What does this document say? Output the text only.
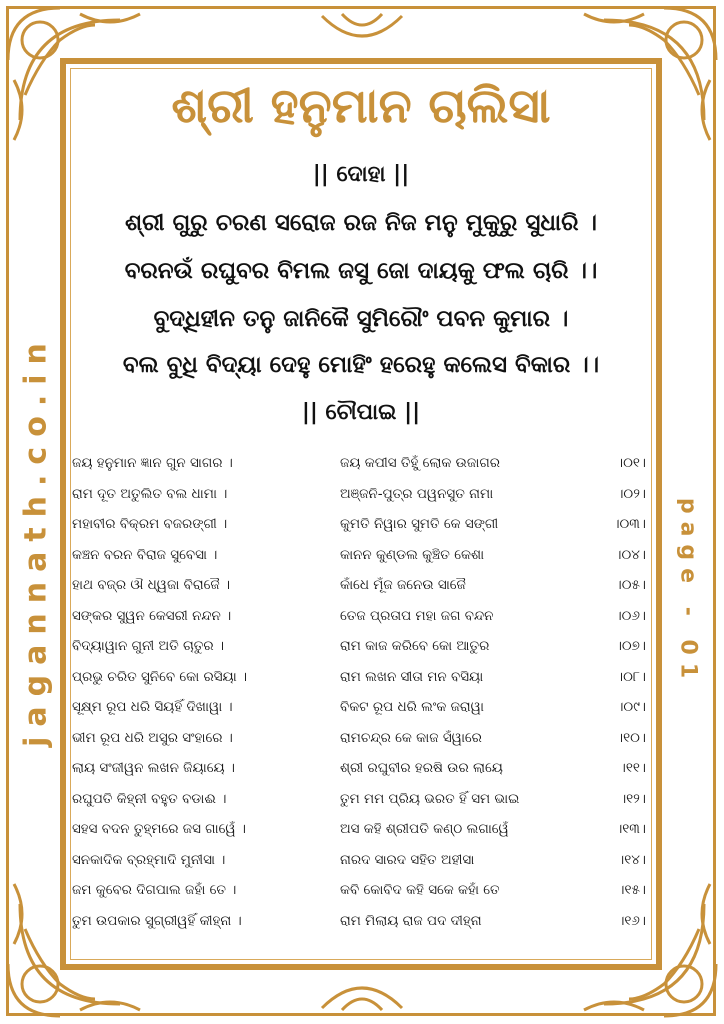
jagannath.co.in	page - 01
ଶ୍ରୀ ହନୁମାନ ଚାଲିସା
|| ଦୋହା ||
ଶ୍ରୀ ଗୁରୁ ଚରଣ ସରୋଜ ରଜ ନିଜ ମନୁ ମୁକୁରୁ ସୁଧାରି ।
ବରନଉଁ ରଘୁବର ବିମଲ ଜସୁ ଜୋ ଦାୟକୁ ଫଲ ଚାରି ।।
ବୁଦ୍ଧିହୀନ ତନୁ ଜାନିକୈ ସୁମିରୌଂ ପବନ କୁମାର ।
ବଲ ବୁଧି ବିଦ୍ୟା ଦେହୁ ମୋହିଂ ହରେହୁ କଲେସ ବିକାର ।।
|| ଚୌପାଇ ||
ଜୟ ହନୁମାନ ଜ୍ଞାନ ଗୁନ ସାଗର ।	ଜୟ କପୀସ ତିହୁଁ ଲୋକ ଉଜାଗର	।୦୧।
ରାମ ଦୂତ ଅତୁଲିତ ବଲ ଧାମା ।	ଅଞ୍ଜନି-ପୁତ୍ର ପୱନସୁତ ନାମା	।୦୨।
ମହାବୀର ବିକ୍ରମ ବଜରଙ୍ଗୀ ।	କୁମତି ନିୱାର ସୁମତି କେ ସଙ୍ଗୀ	।୦୩।
କଞ୍ଚନ ବରନ ବିରାଜ ସୁବେସା ।	କାନନ କୁଣ୍ଡଲ କୁଞ୍ଚିତ କେଶା	।୦୪।
ହାଥ ବଜ୍ର ଔ ଧ୍ୱଜା ବିରାଜୈ ।	କାଁଧେ ମୂଁଜ ଜନେଉ ସାଜୈ	।୦୫।
ସଙ୍କର ସୁୱନ କେସରୀ ନନ୍ଦନ ।	ତେଜ ପ୍ରତାପ ମହା ଜଗ ବନ୍ଦନ	।୦୬।
ବିଦ୍ୟାୱାନ ଗୁନୀ ଅତି ଚାତୁର ।	ରାମ କାଜ କରିବେ କୋ ଆତୁର	।୦୭।
ପ୍ରଭୁ ଚରିତ ସୁନିବେ କୋ ରସିୟା ।	ରାମ ଲଖନ ସୀତା ମନ ବସିୟା	।୦୮।
ସୂକ୍ଷ୍ମ ରୂପ ଧରି ସିୟହିଁ ଦିଖାୱା ।	ବିକଟ ରୂପ ଧରି ଲଂକ ଜରାୱା	।୦୯।
ଭୀମ ରୂପ ଧରି ଅସୁର ସଂହାରେ ।	ରାମଚନ୍ଦ୍ର କେ କାଜ ସଁୱାରେ	।୧୦।
ଲାୟ ସଂଜୀୱନ ଲଖନ ଜିୟାୟେ ।	ଶ୍ରୀ ରଘୁବୀର ହରଷି ଉର ଲାୟେ	।୧୧।
ରଘୁପତି କିହ୍ନୀ ବହୁତ ବଡାଈ ।	ତୁମ ମମ ପ୍ରିୟ ଭରତ ହିଁ ସମ ଭାଇ	।୧୨।
ସହସ ବଦନ ତୁହ୍ମରେ ଜସ ଗାୱେଁ ।	ଅସ କହି ଶ୍ରୀପତି କଣ୍ଠ ଲଗାୱେଁ	।୧୩।
ସନକାଦିକ ବ୍ରହ୍ମାଦି ମୁନୀସା ।	ନାରଦ ସାରଦ ସହିତ ଅହୀସା	।୧୪।
ଜମ କୁବେର ଦିଗପାଲ ଜହାଁ ତେ ।	କବି କୋବିଦ କହି ସକେ କହାଁ ତେ	।୧୫।
ତୁମ ଉପକାର ସୁଗ୍ରୀୱହିଁ କୀହ୍ନା ।	ରାମ ମିଲାୟ ରାଜ ପଦ ଦୀହ୍ନା	।୧୬।
